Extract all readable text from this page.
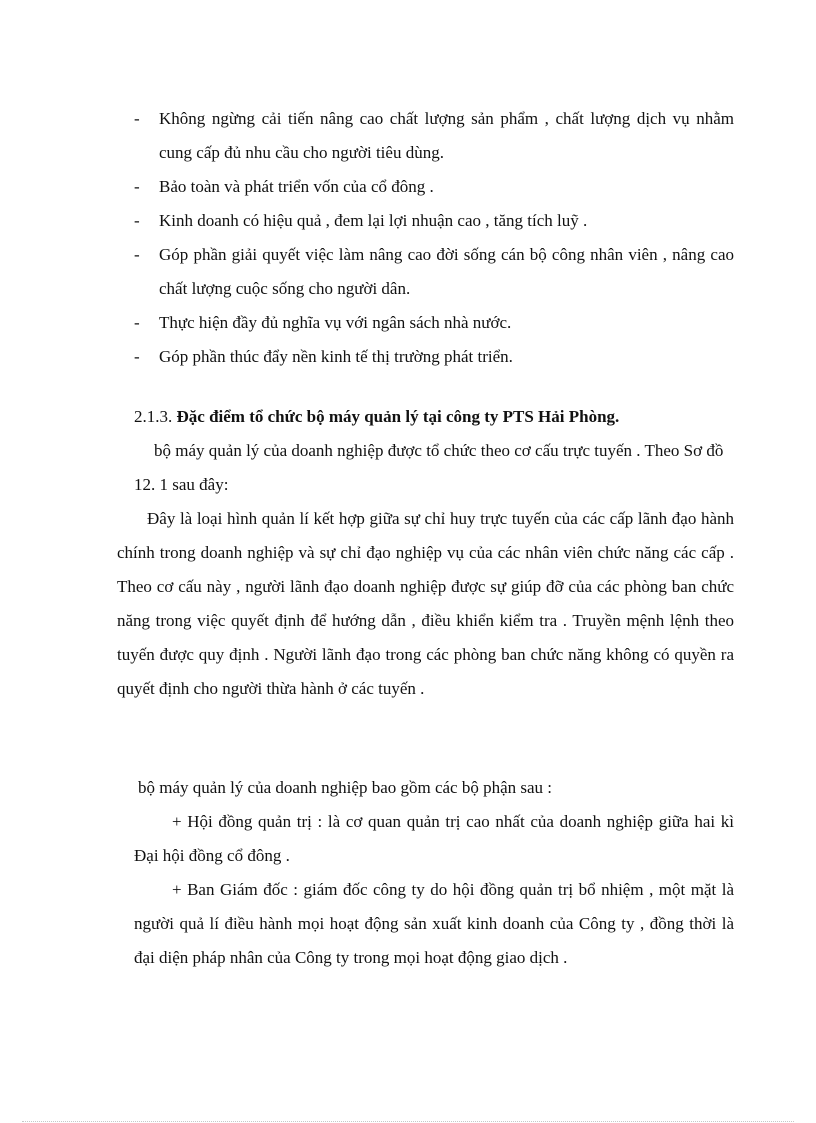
- Không ngừng cải tiến nâng cao chất lượng sản phẩm , chất lượng dịch vụ nhằm cung cấp đủ nhu cầu cho người tiêu dùng.
- Bảo toàn và phát triển vốn của cổ đông .
- Kinh doanh có hiệu quả , đem lại lợi nhuận cao , tăng tích luỹ .
- Góp phần giải quyết việc làm nâng cao đời sống cán bộ công nhân viên , nâng cao chất lượng cuộc sống cho người dân.
- Thực hiện đầy đủ nghĩa vụ với ngân sách nhà nước.
- Góp phần thúc đẩy nền kinh tế thị trường phát triển.
2.1.3. Đặc điểm tổ chức bộ máy quản lý tại công ty PTS Hải Phòng.
bộ máy quản lý của doanh nghiệp được tổ chức theo cơ cấu trực tuyến . Theo Sơ đồ 12. 1 sau đây:
Đây là loại hình quản lí kết hợp giữa sự chỉ huy trực tuyến của các cấp lãnh đạo hành chính trong doanh nghiệp và sự chỉ đạo nghiệp vụ của các nhân viên chức năng các cấp . Theo cơ cấu này , người lãnh đạo doanh nghiệp được sự giúp đỡ của các phòng ban chức năng trong việc quyết định để hướng dẫn , điều khiển kiểm tra . Truyền mệnh lệnh theo tuyến được quy định . Người lãnh đạo trong các phòng ban chức năng không có quyền ra quyết định cho người thừa hành ở các tuyến .
bộ máy quản lý của doanh nghiệp bao gồm các bộ phận sau :
+ Hội đồng quản trị : là cơ quan quản trị cao nhất của doanh nghiệp giữa hai kì Đại hội đồng cổ đông .
+ Ban Giám đốc : giám đốc công ty do hội đồng quản trị bổ nhiệm , một mặt là người quả lí điều hành mọi hoạt động sản xuất kinh doanh của Công ty , đồng thời là đại diện pháp nhân của Công ty trong mọi hoạt động giao dịch .
